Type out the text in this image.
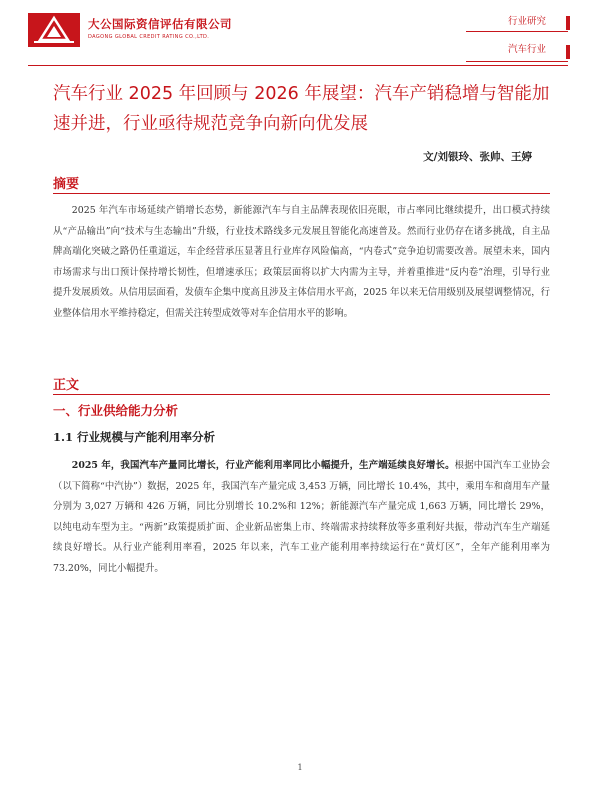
大公国际资信评估有限公司
DAGONG GLOBAL CREDIT RATING CO.,LTD.
行业研究
汽车行业
汽车行业 2025 年回顾与 2026 年展望：汽车产销稳增与智能加速并进，行业亟待规范竞争向新向优发展
文/刘银玲、张帅、王婷
摘要
2025 年汽车市场延续产销增长态势，新能源汽车与自主品牌表现依旧亮眼，市占率同比继续提升，出口模式持续从“产品输出”向“技术与生态输出”升级，行业技术路线多元发展且智能化高速普及。然而行业仍存在诸多挑战，自主品牌高端化突破之路仍任重道远，车企经营承压显著且行业库存风险偏高，“内卷式”竞争迫切需要改善。展望未来，国内市场需求与出口预计保持增长韧性，但增速承压；政策层面将以扩大内需为主导，并着重推进“反内卷”治理，引导行业提升发展质效。从信用层面看，发债车企集中度高且涉及主体信用水平高，2025 年以来无信用级别及展望调整情况，行业整体信用水平维持稳定，但需关注转型成效等对车企信用水平的影响。
正文
一、行业供给能力分析
1.1 行业规模与产能利用率分析
2025 年，我国汽车产量同比增长，行业产能利用率同比小幅提升，生产端延续良好增长。根据中国汽车工业协会（以下简称“中汽协”）数据，2025 年，我国汽车产量完成 3,453 万辆，同比增长 10.4%，其中，乘用车和商用车产量分别为 3,027 万辆和 426 万辆，同比分别增长 10.2%和 12%；新能源汽车产量完成 1,663 万辆，同比增长 29%，以纯电动车型为主。“两新”政策提质扩面、企业新品密集上市、终端需求持续释放等多重利好共振，带动汽车生产端延续良好增长。从行业产能利用率看，2025 年以来，汽车工业产能利用率持续运行在“黄灯区”，全年产能利用率为 73.20%，同比小幅提升。
1
